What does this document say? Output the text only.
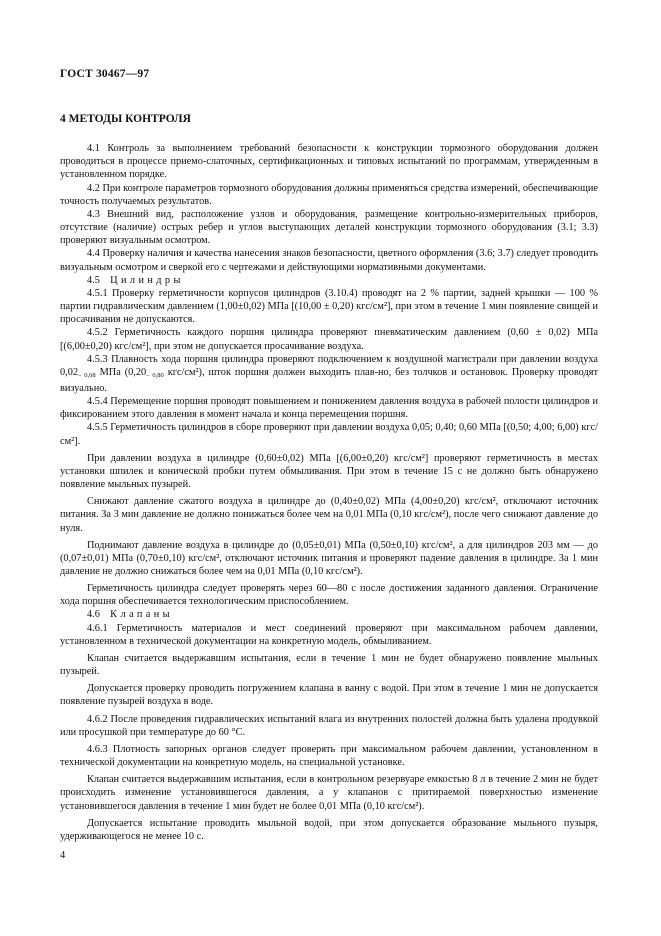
ГОСТ 30467—97
4 МЕТОДЫ КОНТРОЛЯ

4.1 Контроль за выполнением требований безопасности к конструкции тормозного оборудования должен проводиться в процессе приемо-слаточных, сертификационных и типовых испытаний по программам, утвержденным в установленном порядке.

4.2 При контроле параметров тормозного оборудования должны применяться средства измерений, обеспечивающие точность получаемых результатов.

4.3 Внешний вид, расположение узлов и оборудования, размещение контрольно-измерительных приборов, отсутствие (наличие) острых ребер и углов выступающих деталей конструкции тормозного оборудования (3.1; 3.3) проверяют визуальным осмотром.

4.4 Проверку наличия и качества нанесения знаков безопасности, цветного оформления (3.6; 3.7) следует проводить визуальным осмотром и сверкой его с чертежами и действующими нормативными документами.

4.5 Цилиндры

4.5.1 Проверку герметичности корпусов цилиндров (3.10.4) проводят на 2 % партии, задней крышки — 100 % партии гидравлическим давлением (1,00±0,02) МПа [(10,00 ± 0,20) кгс/см²], при этом в течение 1 мин появление свищей и просачивания не допускаются.

4.5.2 Герметичность каждого поршня цилиндра проверяют пневматическим давлением (0,60 ± 0,02) МПа [(6,00±0,20) кгс/см²], при этом не допускается просачивание воздуха.

4.5.3 Плавность хода поршня цилиндра проверяют подключением к воздушной магистрали при давлении воздуха $0,02_{- 0,08}$ МПа ($0,20_{- 0,80}$ кгс/см²), шток поршня должен выходить плав-но, без толчков и остановок. Проверку проводят визуально.

4.5.4 Перемещение поршня проводят повышением и понижением давления воздуха в рабочей полости цилиндров и фиксированием этого давления в момент начала и конца перемещения поршня.

4.5.5 Герметичность цилиндров в сборе проверяют при давлении воздуха 0,05; 0,40; 0,60 МПа [(0,50; 4,00; 6,00) кгс/см²].

При давлении воздуха в цилиндре (0,60±0,02) МПа [(6,00±0,20) кгс/см²] проверяют герметичность в местах установки шпилек и конической пробки путем обмыливания. При этом в течение 15 с не должно быть обнаружено появление мыльных пузырей.

Снижают давление сжатого воздуха в цилиндре до (0,40±0,02) МПа (4,00±0,20) кгс/см², отключают источник питания. За 3 мин давление не должно понижаться более чем на 0,01 МПа (0,10 кгс/см²), после чего снижают давление до нуля.

Поднимают давление воздуха в цилиндре до (0,05±0,01) МПа (0,50±0,10) кгс/см², а для цилиндров 203 мм — до (0,07±0,01) МПа (0,70±0,10) кгс/см², отключают источник питания и проверяют падение давления в цилиндре. За 1 мин давление не должно снижаться более чем на 0,01 МПа (0,10 кгс/см²).

Герметичность цилиндра следует проверять через 60—80 с после достижения заданного давления. Ограничение хода поршня обеспечивается технологическим приспособлением.

4.6 Клапаны

4.6.1 Герметичность материалов и мест соединений проверяют при максимальном рабочем давлении, установленном в технической документации на конкретную модель, обмыливанием.

Клапан считается выдержавшим испытания, если в течение 1 мин не будет обнаружено появление мыльных пузырей.

Допускается проверку проводить погружением клапана в ванну с водой. При этом в течение 1 мин не допускается появление пузырей воздуха в воде.

4.6.2 После проведения гидравлических испытаний влага из внутренних полостей должна быть удалена продувкой или просушкой при температуре до 60 °С.

4.6.3 Плотность запорных органов следует проверять при максимальном рабочем давлении, установленном в технической документации на конкретную модель, на специальной установке.

Клапан считается выдержавшим испытания, если в контрольном резервуаре емкостью 8 л в течение 2 мин не будет происходить изменение установившегося давления, а у клапанов с притираемой поверхностью изменение установившегося давления в течение 1 мин будет не более 0,01 МПа (0,10 кгс/см²).

Допускается испытание проводить мыльной водой, при этом допускается образование мыльного пузыря, удерживающегося не менее 10 с.

4
